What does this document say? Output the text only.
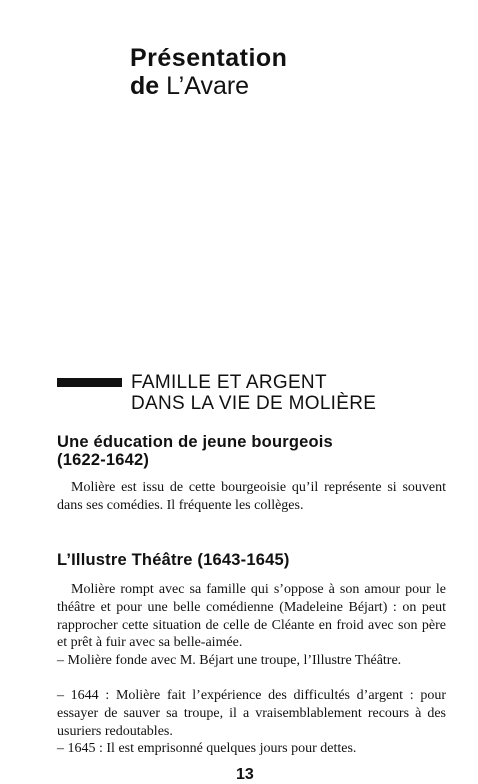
Présentation
de L’Avare
FAMILLE ET ARGENT
DANS LA VIE DE MOLIÈRE
Une éducation de jeune bourgeois
(1622-1642)

Molière est issu de cette bourgeoisie qu’il représente si souvent dans ses comédies. Il fréquente les collèges.

L’Illustre Théâtre (1643-1645)

Molière rompt avec sa famille qui s’oppose à son amour pour le théâtre et pour une belle comédienne (Madeleine Béjart) : on peut rapprocher cette situation de celle de Cléante en froid avec son père et prêt à fuir avec sa belle-aimée.

– Molière fonde avec M. Béjart une troupe, l’Illustre Théâtre.

– 1644 : Molière fait l’expérience des difficultés d’argent : pour essayer de sauver sa troupe, il a vraisemblablement recours à des usuriers redoutables.

– 1645 : Il est emprisonné quelques jours pour dettes.

13
